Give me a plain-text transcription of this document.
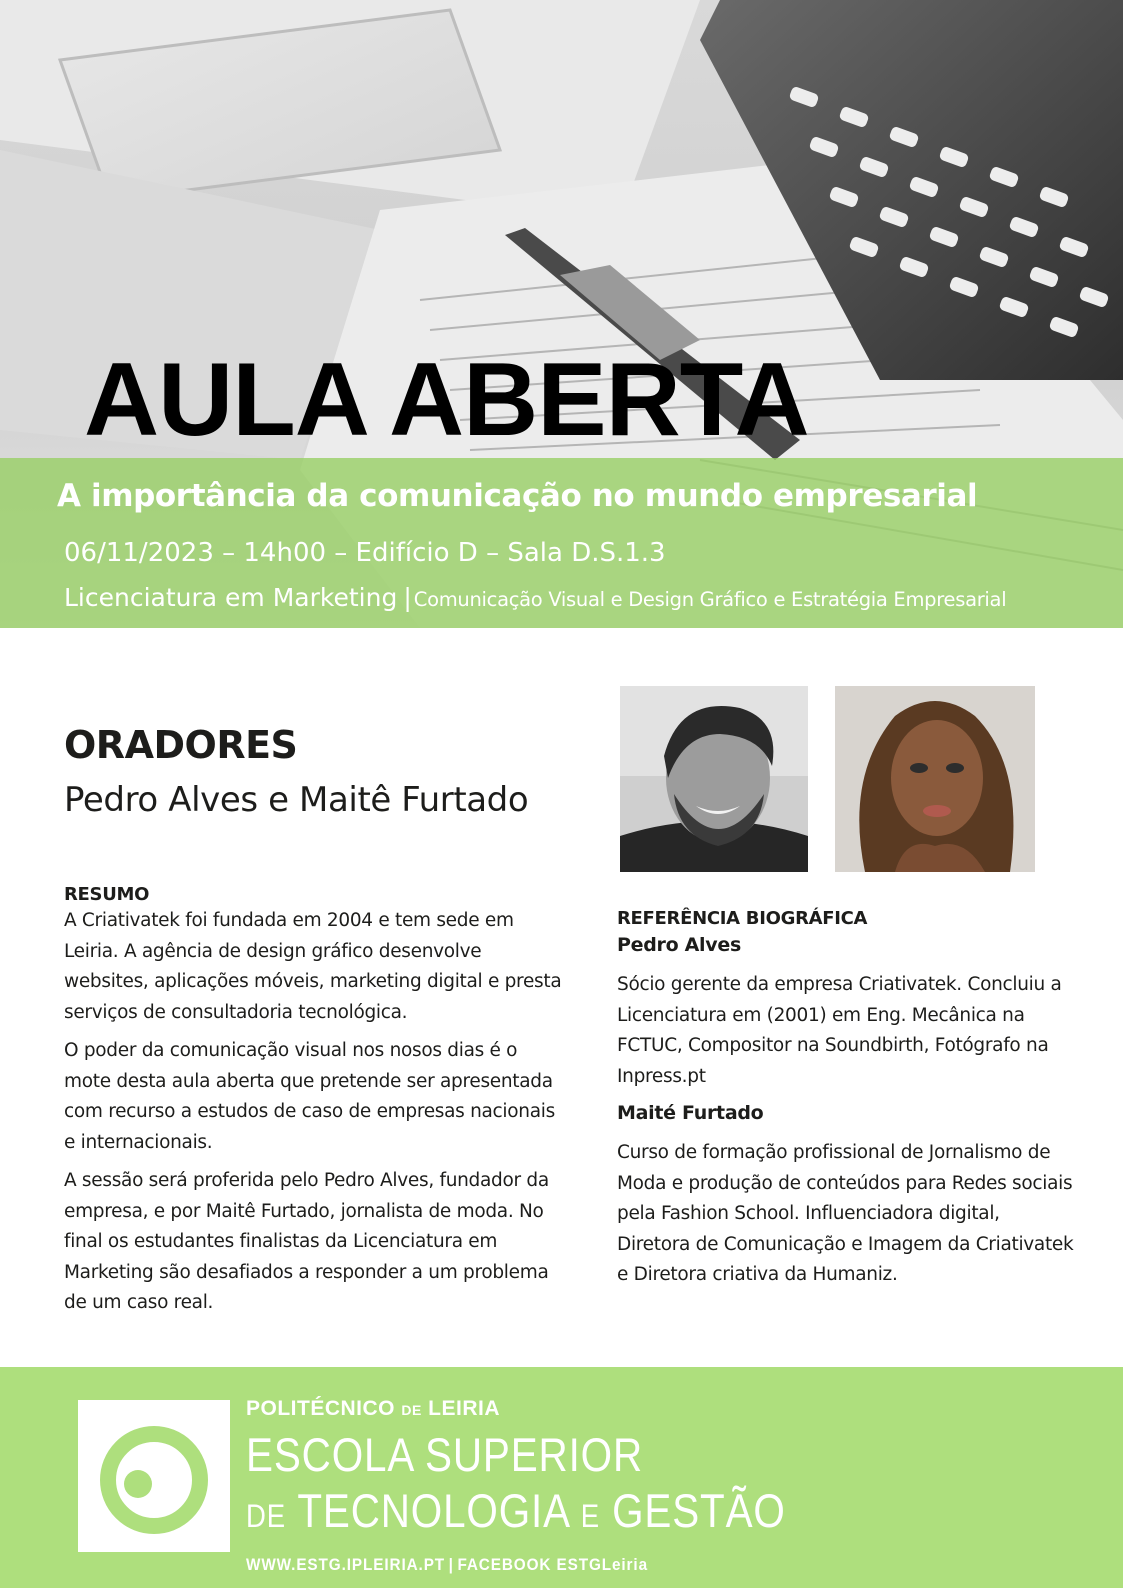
AULA ABERTA
A importância da comunicação no mundo empresarial
06/11/2023 – 14h00 – Edifício D – Sala D.S.1.3
Licenciatura em Marketing | Comunicação Visual e Design Gráfico e Estratégia Empresarial
ORADORES
Pedro Alves e Maitê Furtado

RESUMO

A Criativatek foi fundada em 2004 e tem sede em Leiria. A agência de design gráfico desenvolve websites, aplicações móveis, marketing digital e presta serviços de consultadoria tecnológica.

O poder da comunicação visual nos nosos dias é o mote desta aula aberta que pretende ser apresentada com recurso a estudos de caso de empresas nacionais e internacionais.

A sessão será proferida pelo Pedro Alves, fundador da empresa, e por Maitê Furtado, jornalista de moda. No final os estudantes finalistas da Licenciatura em Marketing são desafiados a responder a um problema de um caso real.

REFERÊNCIA BIOGRÁFICA

Pedro Alves

Sócio gerente da empresa Criativatek. Concluiu a Licenciatura em (2001) em Eng. Mecânica na FCTUC, Compositor na Soundbirth, Fotógrafo na Inpress.pt

Maité Furtado

Curso de formação profissional de Jornalismo de Moda e produção de conteúdos para Redes sociais pela Fashion School. Influenciadora digital, Diretora de Comunicação e Imagem da Criativatek e Diretora criativa da Humaniz.

POLITÉCNICO DE LEIRIA
ESCOLA SUPERIOR
DE TECNOLOGIA E GESTÃO
WWW.ESTG.IPLEIRIA.PT | FACEBOOK ESTGLeiria
